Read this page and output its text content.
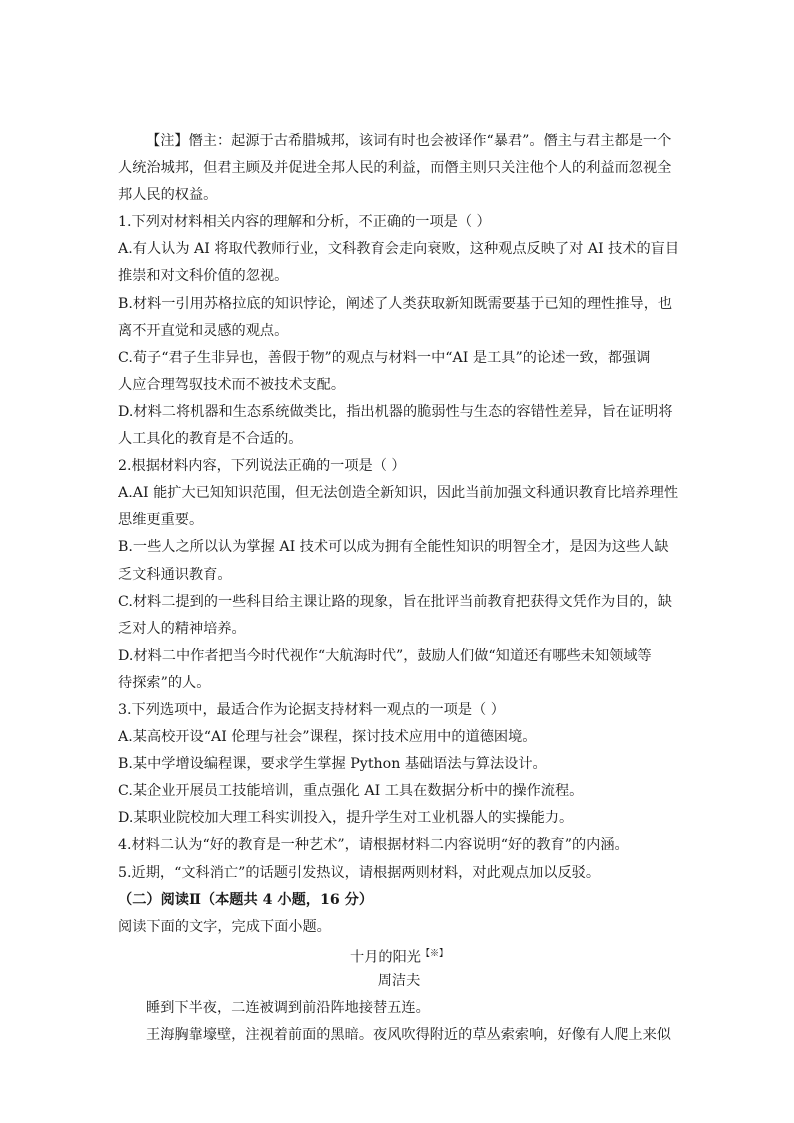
【注】僭主：起源于古希腊城邦，该词有时也会被译作“暴君”。僭主与君主都是一个
人统治城邦，但君主顾及并促进全邦人民的利益，而僭主则只关注他个人的利益而忽视全
邦人民的权益。
1.下列对材料相关内容的理解和分析，不正确的一项是（ ）
A.有人认为 AI 将取代教师行业，文科教育会走向衰败，这种观点反映了对 AI 技术的盲目
推崇和对文科价值的忽视。
B.材料一引用苏格拉底的知识悖论，阐述了人类获取新知既需要基于已知的理性推导，也
离不开直觉和灵感的观点。
C.荀子“君子生非异也，善假于物”的观点与材料一中“AI 是工具”的论述一致，都强调
人应合理驾驭技术而不被技术支配。
D.材料二将机器和生态系统做类比，指出机器的脆弱性与生态的容错性差异，旨在证明将
人工具化的教育是不合适的。
2.根据材料内容，下列说法正确的一项是（ ）
A.AI 能扩大已知知识范围，但无法创造全新知识，因此当前加强文科通识教育比培养理性
思维更重要。
B.一些人之所以认为掌握 AI 技术可以成为拥有全能性知识的明智全才，是因为这些人缺
乏文科通识教育。
C.材料二提到的一些科目给主课让路的现象，旨在批评当前教育把获得文凭作为目的，缺
乏对人的精神培养。
D.材料二中作者把当今时代视作“大航海时代”，鼓励人们做“知道还有哪些未知领域等
待探索”的人。
3.下列选项中，最适合作为论据支持材料一观点的一项是（ ）
A.某高校开设“AI 伦理与社会”课程，探讨技术应用中的道德困境。
B.某中学增设编程课，要求学生掌握 Python 基础语法与算法设计。
C.某企业开展员工技能培训，重点强化 AI 工具在数据分析中的操作流程。
D.某职业院校加大理工科实训投入，提升学生对工业机器人的实操能力。
4.材料二认为“好的教育是一种艺术”，请根据材料二内容说明“好的教育”的内涵。
5.近期，“文科消亡”的话题引发热议，请根据两则材料，对此观点加以反驳。
（二）阅读Ⅱ（本题共 4 小题，16 分）
阅读下面的文字，完成下面小题。
十月的阳光【※】
周洁夫
睡到下半夜，二连被调到前沿阵地接替五连。
王海胸靠壕壁，注视着前面的黑暗。夜风吹得附近的草丛索索响，好像有人爬上来似
